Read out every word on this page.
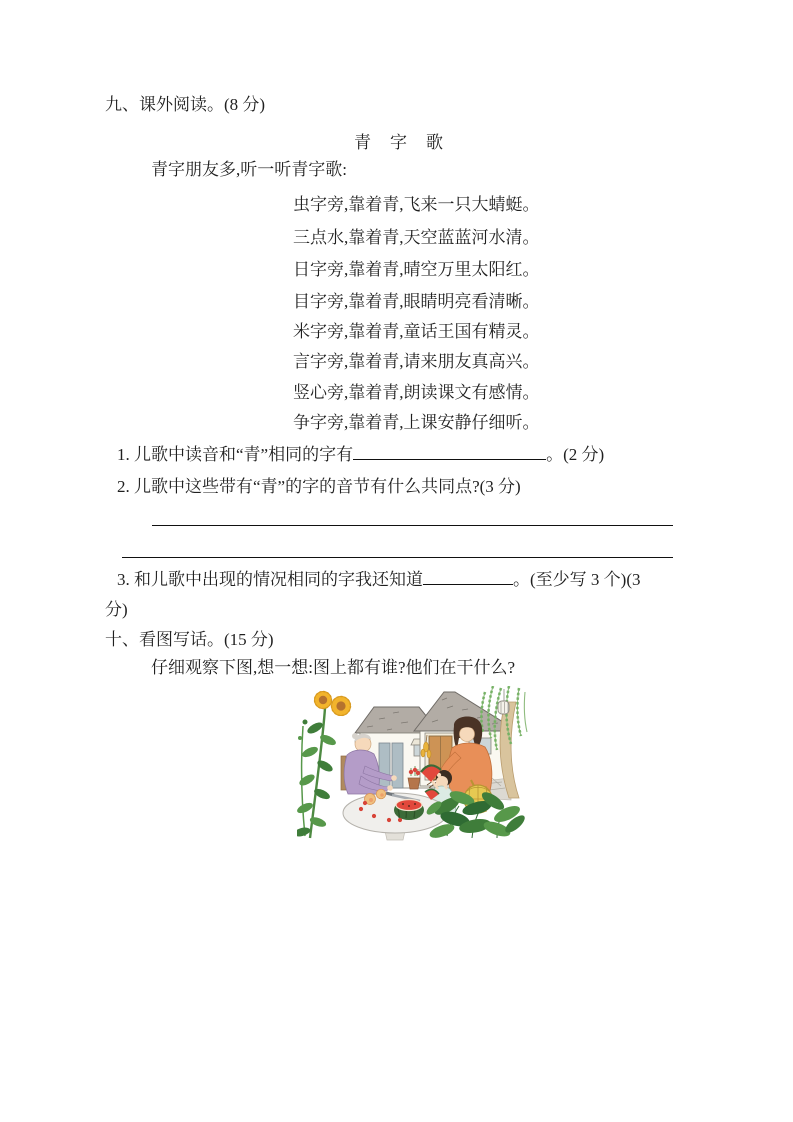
九、课外阅读。(8 分)
青　字　歌
青字朋友多,听一听青字歌:
虫字旁,靠着青,飞来一只大蜻蜓。
三点水,靠着青,天空蓝蓝河水清。
日字旁,靠着青,晴空万里太阳红。
目字旁,靠着青,眼睛明亮看清晰。
米字旁,靠着青,童话王国有精灵。
言字旁,靠着青,请来朋友真高兴。
竖心旁,靠着青,朗读课文有感情。
争字旁,靠着青,上课安静仔细听。
1. 儿歌中读音和“青”相同的字有	。(2 分)
2. 儿歌中这些带有“青”的字的音节有什么共同点?(3 分)
3. 和儿歌中出现的情况相同的字我还知道	。(至少写 3 个)(3
分)
十、看图写话。(15 分)
仔细观察下图,想一想:图上都有谁?他们在干什么?
